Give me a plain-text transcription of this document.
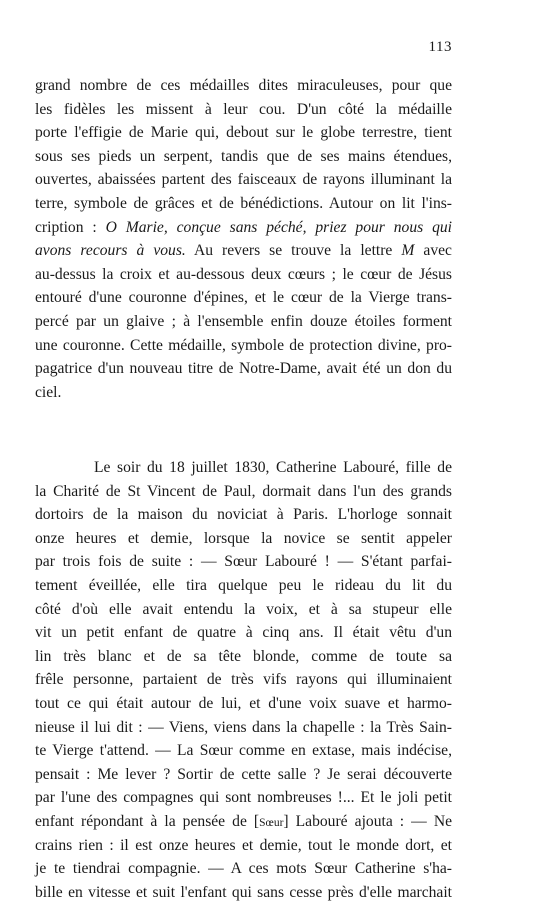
113
grand nombre de ces médailles dites miraculeuses, pour que
les fidèles les missent à leur cou. D'un côté la médaille
porte l'effigie de Marie qui, debout sur le globe terrestre, tient
sous ses pieds un serpent, tandis que de ses mains étendues,
ouvertes, abaissées partent des faisceaux de rayons illuminant la
terre, symbole de grâces et de bénédictions. Autour on lit l'ins-
cription : O Marie, conçue sans péché, priez pour nous qui
avons recours à vous. Au revers se trouve la lettre M avec
au-dessus la croix et au-dessous deux cœurs ; le cœur de Jésus
entouré d'une couronne d'épines, et le cœur de la Vierge trans-
percé par un glaive ; à l'ensemble enfin douze étoiles forment
une couronne. Cette médaille, symbole de protection divine, pro-
pagatrice d'un nouveau titre de Notre-Dame, avait été un don du
ciel.
Le soir du 18 juillet 1830, Catherine Labouré, fille de
la Charité de St Vincent de Paul, dormait dans l'un des grands
dortoirs de la maison du noviciat à Paris. L'horloge sonnait
onze heures et demie, lorsque la novice se sentit appeler
par trois fois de suite : — Sœur Labouré ! — S'étant parfai-
tement éveillée, elle tira quelque peu le rideau du lit du
côté d'où elle avait entendu la voix, et à sa stupeur elle
vit un petit enfant de quatre à cinq ans. Il était vêtu d'un
lin très blanc et de sa tête blonde, comme de toute sa
frêle personne, partaient de très vifs rayons qui illuminaient
tout ce qui était autour de lui, et d'une voix suave et harmo-
nieuse il lui dit : — Viens, viens dans la chapelle : la Très Sain-
te Vierge t'attend. — La Sœur comme en extase, mais indécise,
pensait : Me lever ? Sortir de cette salle ? Je serai découverte
par l'une des compagnes qui sont nombreuses !... Et le joli petit
enfant répondant à la pensée de [Sœur] Labouré ajouta : — Ne
crains rien : il est onze heures et demie, tout le monde dort, et
je te tiendrai compagnie. — A ces mots Sœur Catherine s'ha-
bille en vitesse et suit l'enfant qui sans cesse près d'elle marchait
